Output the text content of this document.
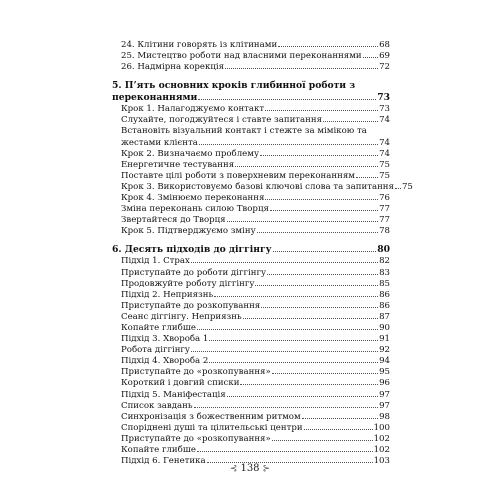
24. Клітини говорять із клітинами	68
25. Мистецтво роботи над власними переконаннями 69
26. Надмірна корекція	72
5. П’ять основних кроків глибинної роботи з
переконаннями	73
Крок 1. Налагоджуємо контакт	73
Слухайте, погоджуйтеся і ставте запитання	74
Встановіть візуальний контакт і стежте за мімікою та
жестами клієнта	74
Крок 2. Визначаємо проблему	74
Енергетичне тестування	75
Поставте цілі роботи з поверхневим переконанням	75
Крок 3. Використовуємо базові ключові слова та запитання 75
Крок 4. Змінюємо переконання	76
Зміна переконань силою Творця	77
Звертайтеся до Творця	77
Крок 5. Підтверджуємо зміну	78
6. Десять підходів до діггінгу	80
Підхід 1. Страх	82
Приступайте до роботи діггінгу	83
Продовжуйте роботу діггінгу	85
Підхід 2. Неприязнь	86
Приступайте до розкопування	86
Сеанс діггінгу. Неприязнь	87
Копайте глибше	90
Підхід 3. Хвороба 1	91
Робота діггінгу	92
Підхід 4. Хвороба 2	94
Приступайте до «розкопування»	95
Короткий і довгий списки	96
Підхід 5. Маніфестація	97
Список завдань	97
Синхронізація з божественним ритмом	98
Споріднені душі та цілительські центри	100
Приступайте до «розкопування»	102
Копайте глибше	102
Підхід 6. Генетика	103
⊰ 138 ⊱
